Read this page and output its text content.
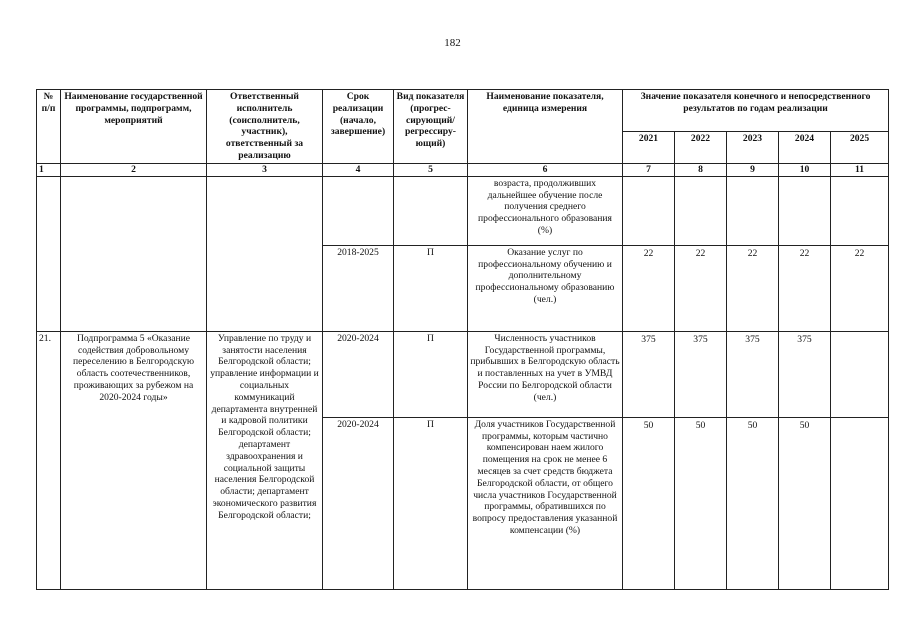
182
№ п/п	Наименование государственной программы, подпрограмм, мероприятий	Ответственный исполнитель (соисполнитель, участник), ответственный за реализацию	Срок реализации (начало, завершение)	Вид показателя (прогрес-сирующий/ регрессиру-ющий)	Наименование показателя, единица измерения	Значение показателя конечного и непосредственного результатов по годам реализации				
						2021	2022	2023	2024	2025
1	2	3	4	5	6	7	8	9	10	11
					возраста, продолживших дальнейшее обучение после получения среднего профессионального образования (%)					
			2018-2025	П	Оказание услуг по профессиональному обучению и дополнительному профессиональному образованию (чел.)	22	22	22	22	22
21.	Подпрограмма 5 «Оказание содействия добровольному переселению в Белгородскую область соотечественников, проживающих за рубежом на 2020-2024 годы»	Управление по труду и занятости населения Белгородской области; управление информации и социальных коммуникаций департамента внутренней и кадровой политики Белгородской области; департамент здравоохранения и социальной защиты населения Белгородской области; департамент экономического развития Белгородской области;	2020-2024	П	Численность участников Государственной программы, прибывших в Белгородскую область и поставленных на учет в УМВД России по Белгородской области (чел.)	375	375	375	375	
			2020-2024	П	Доля участников Государственной программы, которым частично компенсирован наем жилого помещения на срок не менее 6 месяцев за счет средств бюджета Белгородской области, от общего числа участников Государственной программы, обратившихся по вопросу предоставления указанной компенсации (%)	50	50	50	50	
